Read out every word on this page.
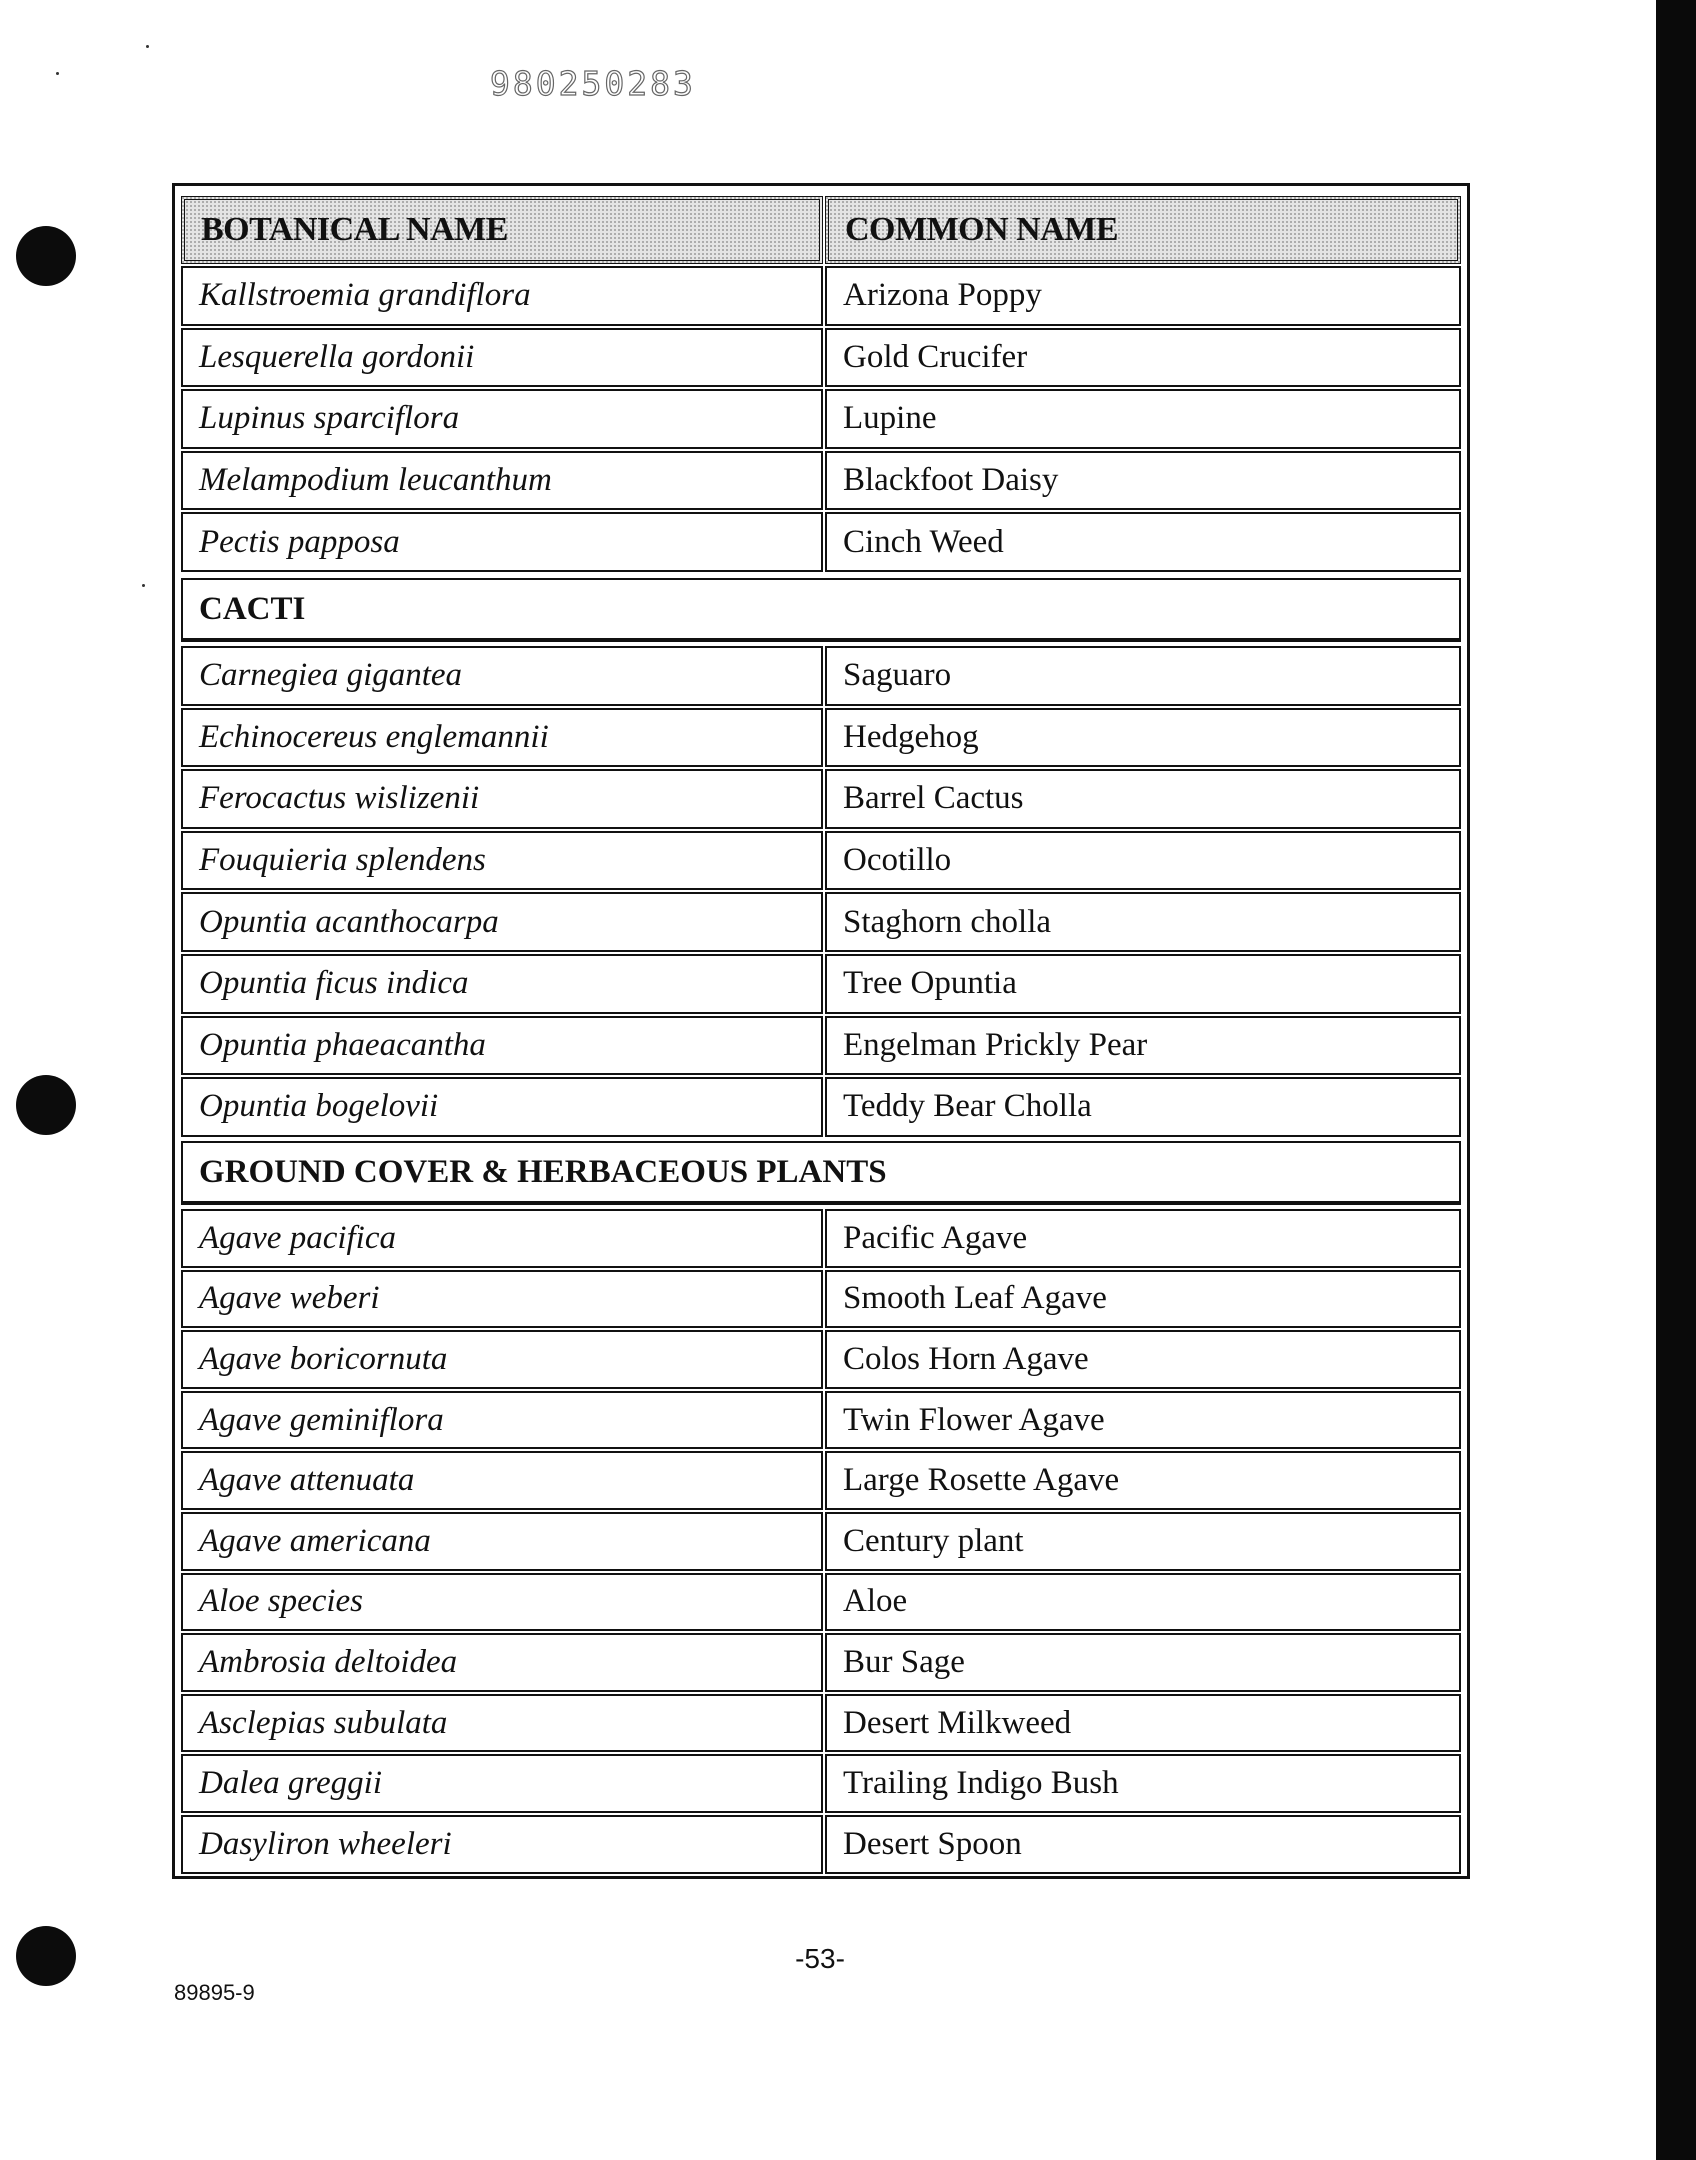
980250283
BOTANICAL NAME	COMMON NAME
Kallstroemia grandiflora	Arizona Poppy
Lesquerella gordonii	Gold Crucifer
Lupinus sparciflora	Lupine
Melampodium leucanthum	Blackfoot Daisy
Pectis papposa	Cinch Weed
CACTI
Carnegiea gigantea	Saguaro
Echinocereus englemannii	Hedgehog
Ferocactus wislizenii	Barrel Cactus
Fouquieria splendens	Ocotillo
Opuntia acanthocarpa	Staghorn cholla
Opuntia ficus indica	Tree Opuntia
Opuntia phaeacantha	Engelman Prickly Pear
Opuntia bogelovii	Teddy Bear Cholla
GROUND COVER & HERBACEOUS PLANTS
Agave pacifica	Pacific Agave
Agave weberi	Smooth Leaf Agave
Agave boricornuta	Colos Horn Agave
Agave geminiflora	Twin Flower Agave
Agave attenuata	Large Rosette Agave
Agave americana	Century plant
Aloe species	Aloe
Ambrosia deltoidea	Bur Sage
Asclepias subulata	Desert Milkweed
Dalea greggii	Trailing Indigo Bush
Dasyliron wheeleri	Desert Spoon
-53-
89895-9
